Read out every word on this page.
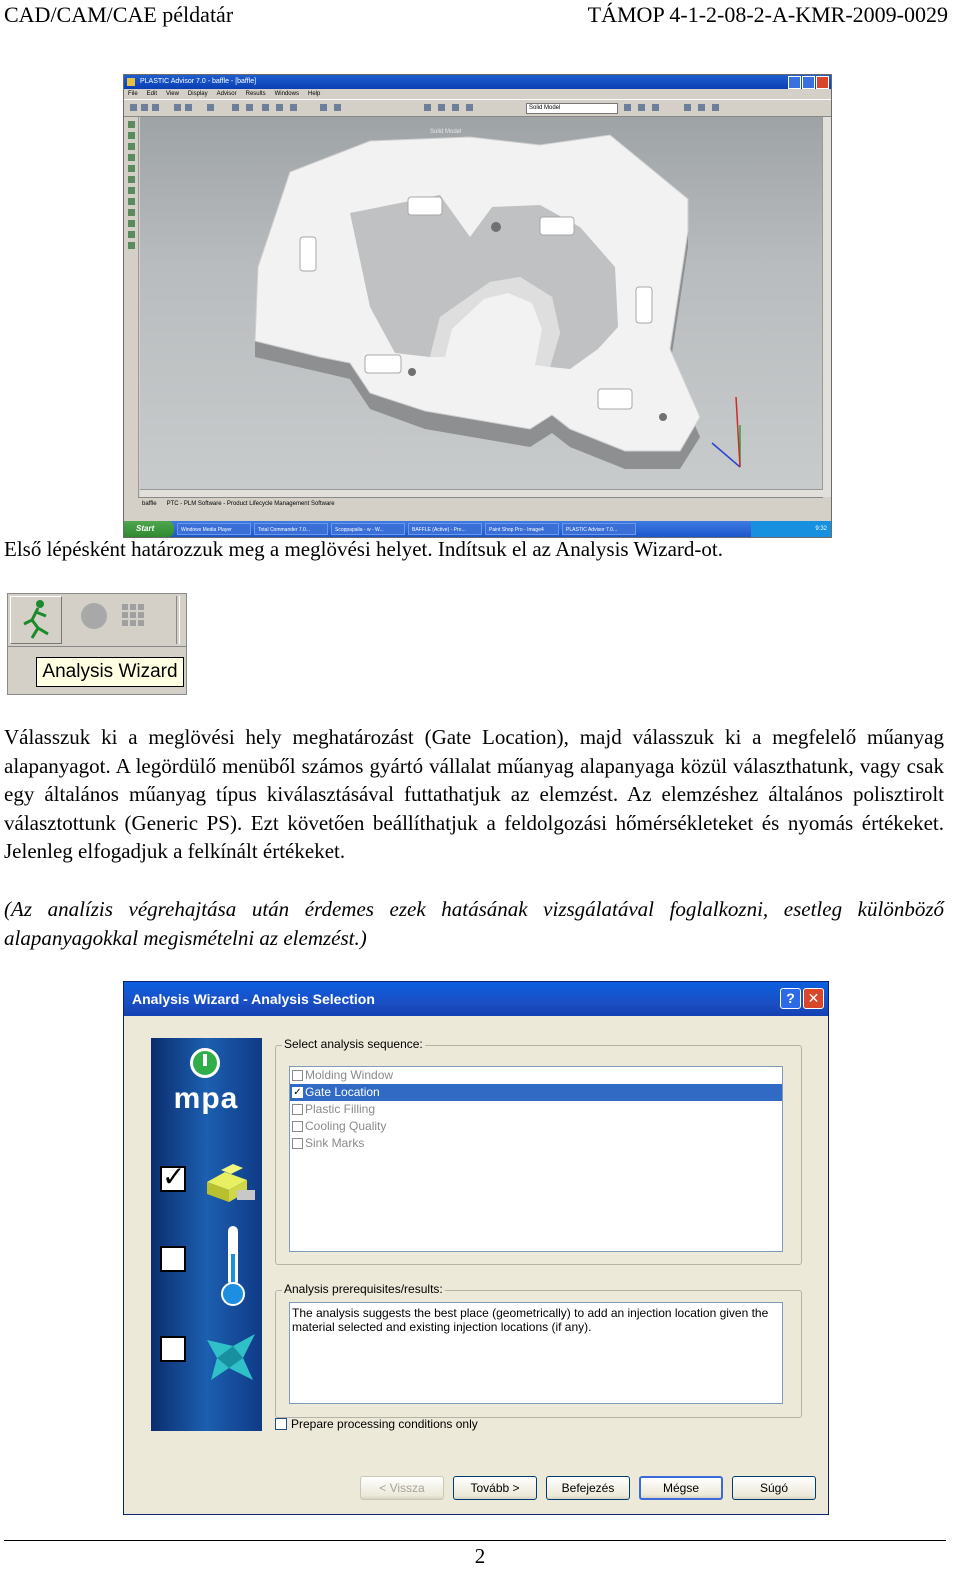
CAD/CAM/CAE példatár	TÁMOP 4-1-2-08-2-A-KMR-2009-0029
PLASTIC Advisor 7.0 - baffle - [baffle]
File Edit View Display Advisor Results Windows Help
Solid Model
Solid Model
baffle PTC - PLM Software - Product Lifecycle Management Software
Start	Windows Media Player	Total Commander 7.0...	Scoppapalia - w - W...	BAFFLE (Active) - Pro...	Paint Shop Pro - Image4	PLASTIC Advisor 7.0...	9:32
Első lépésként határozzuk meg a meglövési helyet. Indítsuk el az Analysis Wizard-ot.
Analysis Wizard
Válasszuk ki a meglövési hely meghatározást (Gate Location), majd válasszuk ki a megfelelő műanyag alapanyagot. A legördülő menüből számos gyártó vállalat műanyag alapanyaga közül választhatunk, vagy csak egy általános műanyag típus kiválasztásával futtathatjuk az elemzést. Az elemzéshez általános polisztirolt választottunk (Generic PS). Ezt követően beállíthatjuk a feldolgozási hőmérsékleteket és nyomás értékeket. Jelenleg elfogadjuk a felkínált értékeket.
(Az analízis végrehajtása után érdemes ezek hatásának vizsgálatával foglalkozni, esetleg különböző alapanyagokkal megismételni az elemzést.)
Analysis Wizard - Analysis Selection	? ✕
mpa
✓
Select analysis sequence:
Molding Window
✓ Gate Location
Plastic Filling
Cooling Quality
Sink Marks
Analysis prerequisites/results:
The analysis suggests the best place (geometrically) to add an injection location given the material selected and existing injection locations (if any).
Prepare processing conditions only
< Vissza	Tovább >	Befejezés	Mégse	Súgó
2
